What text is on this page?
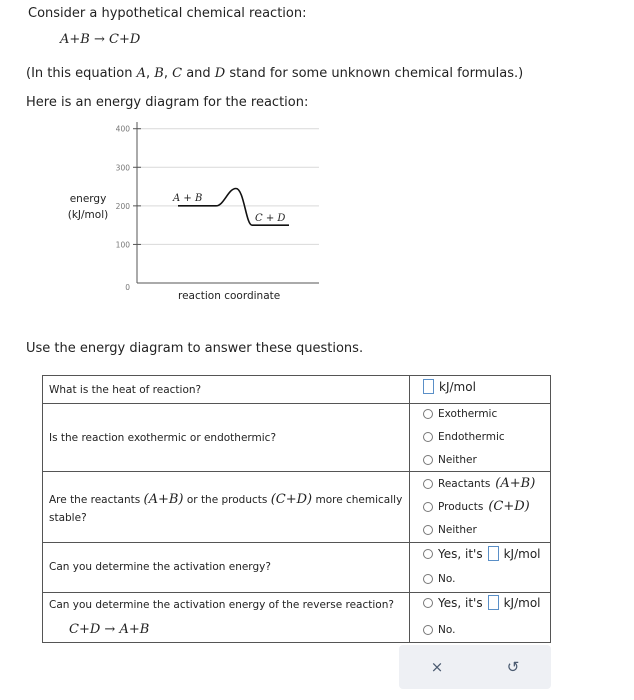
Consider a hypothetical chemical reaction:
A+B → C+D
(In this equation A, B, C and D stand for some unknown chemical formulas.)
Here is an energy diagram for the reaction:
energy
(kJ/mol)
0
100
200
300
400
A + B
C + D
reaction coordinate
Use the energy diagram to answer these questions.
What is the heat of reaction?	kJ/mol
Is the reaction exothermic or endothermic?
Exothermic
Endothermic
Neither
Are the reactants (A+B) or the products (C+D) more chemically
stable?
Reactants (A+B)
Products (C+D)
Neither
Can you determine the activation energy?
Yes, it's kJ/mol
No.
Can you determine the activation energy of the reverse reaction?
C+D → A+B
Yes, it's kJ/mol
No.
×	↺
